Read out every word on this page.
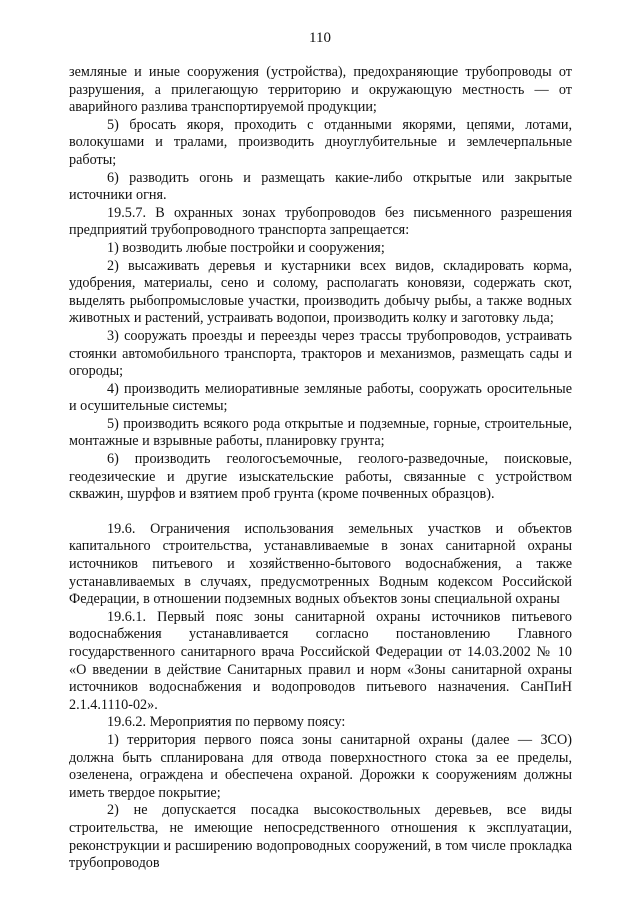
110

земляные и иные сооружения (устройства), предохраняющие трубопроводы от разрушения, а прилегающую территорию и окружающую местность — от аварийного разлива транспортируемой продукции;

5) бросать якоря, проходить с отданными якорями, цепями, лотами, волокушами и тралами, производить дноуглубительные и землечерпальные работы;

6) разводить огонь и размещать какие-либо открытые или закрытые источники огня.

19.5.7. В охранных зонах трубопроводов без письменного разрешения предприятий трубопроводного транспорта запрещается:

1) возводить любые постройки и сооружения;

2) высаживать деревья и кустарники всех видов, складировать корма, удобрения, материалы, сено и солому, располагать коновязи, содержать скот, выделять рыбопромысловые участки, производить добычу рыбы, а также водных животных и растений, устраивать водопои, производить колку и заготовку льда;

3) сооружать проезды и переезды через трассы трубопроводов, устраивать стоянки автомобильного транспорта, тракторов и механизмов, размещать сады и огороды;

4) производить мелиоративные земляные работы, сооружать оросительные и осушительные системы;

5) производить всякого рода открытые и подземные, горные, строительные, монтажные и взрывные работы, планировку грунта;

6) производить геологосъемочные, геолого-разведочные, поисковые, геодезические и другие изыскательские работы, связанные с устройством скважин, шурфов и взятием проб грунта (кроме почвенных образцов).

19.6. Ограничения использования земельных участков и объектов капитального строительства, устанавливаемые в зонах санитарной охраны источников питьевого и хозяйственно-бытового водоснабжения, а также устанавливаемых в случаях, предусмотренных Водным кодексом Российской Федерации, в отношении подземных водных объектов зоны специальной охраны

19.6.1. Первый пояс зоны санитарной охраны источников питьевого водоснабжения устанавливается согласно постановлению Главного государственного санитарного врача Российской Федерации от 14.03.2002 № 10 «О введении в действие Санитарных правил и норм «Зоны санитарной охраны источников водоснабжения и водопроводов питьевого назначения. СанПиН 2.1.4.1110-02».

19.6.2. Мероприятия по первому поясу:

1) территория первого пояса зоны санитарной охраны (далее — ЗСО) должна быть спланирована для отвода поверхностного стока за ее пределы, озеленена, ограждена и обеспечена охраной. Дорожки к сооружениям должны иметь твердое покрытие;

2) не допускается посадка высокоствольных деревьев, все виды строительства, не имеющие непосредственного отношения к эксплуатации, реконструкции и расширению водопроводных сооружений, в том числе прокладка трубопроводов
